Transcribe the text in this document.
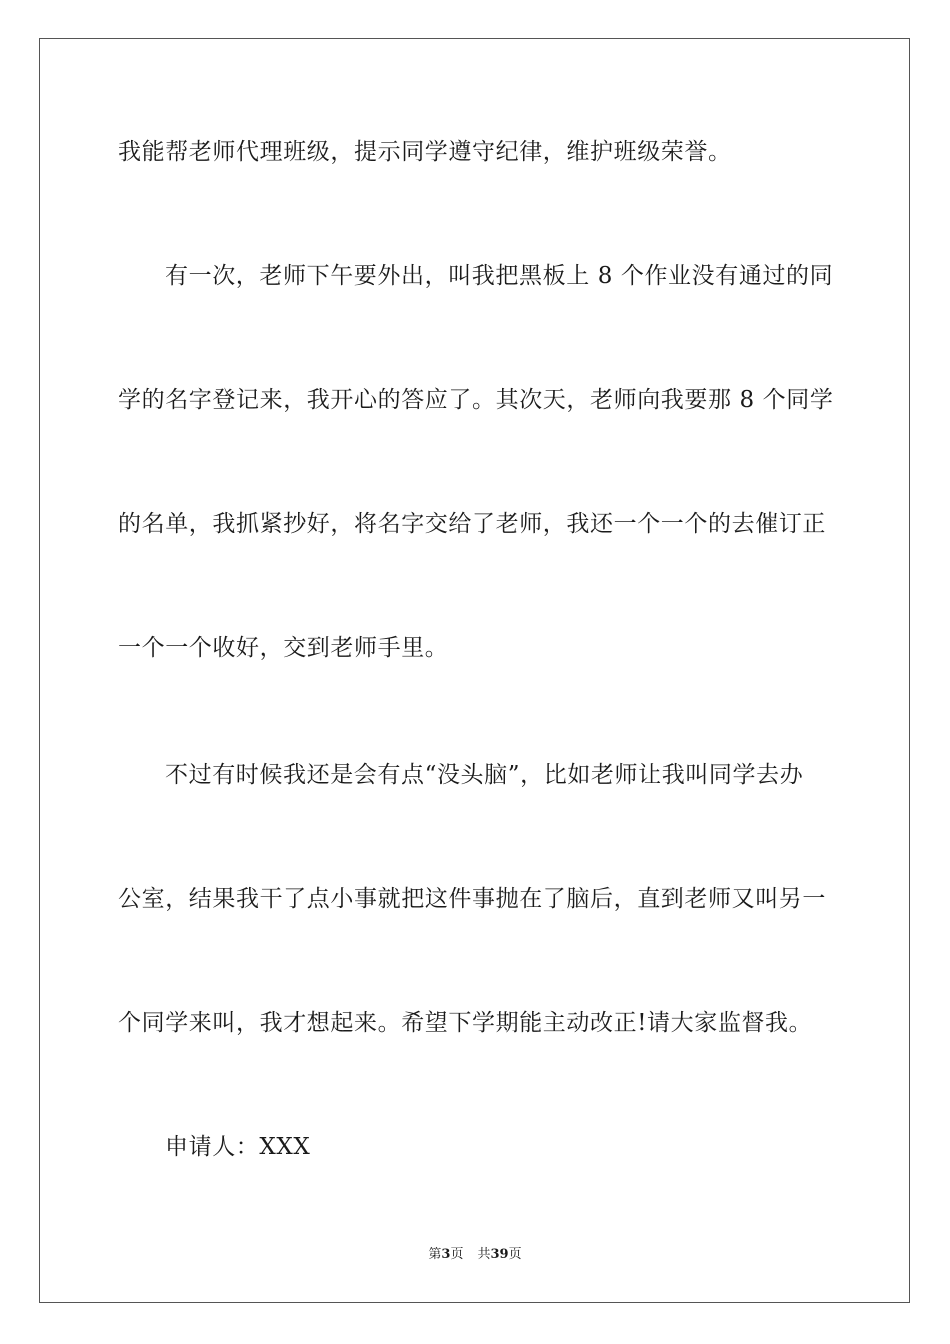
我能帮老师代理班级，提示同学遵守纪律，维护班级荣誉。
有一次，老师下午要外出，叫我把黑板上 8 个作业没有通过的同
学的名字登记来，我开心的答应了。其次天，老师向我要那 8 个同学
的名单，我抓紧抄好，将名字交给了老师，我还一个一个的去催订正
一个一个收好，交到老师手里。
不过有时候我还是会有点“没头脑”，比如老师让我叫同学去办
公室，结果我干了点小事就把这件事抛在了脑后，直到老师又叫另一
个同学来叫，我才想起来。希望下学期能主动改正!请大家监督我。
申请人：XXX
第3页 共39页
